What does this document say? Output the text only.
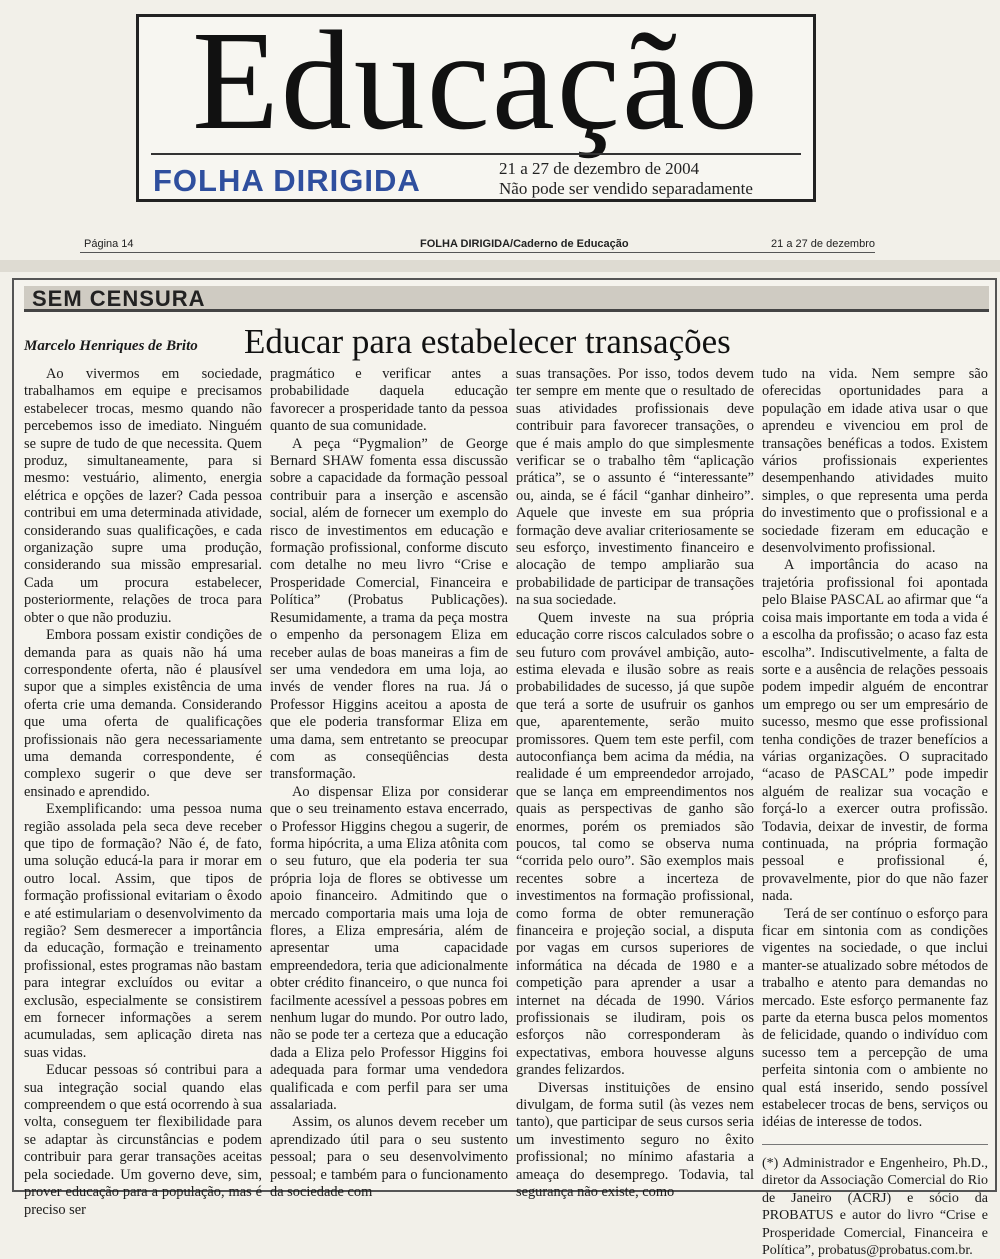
Educação
FOLHA DIRIGIDA	21 a 27 de dezembro de 2004
Não pode ser vendido separadamente
Página 14	FOLHA DIRIGIDA/Caderno de Educação	21 a 27 de dezembro
SEM CENSURA
Educar para estabelecer transações
Marcelo Henriques de Brito

Ao vivermos em sociedade, trabalhamos em equipe e precisamos estabelecer trocas, mesmo quando não percebemos isso de imediato. Ninguém se supre de tudo de que necessita. Quem produz, simultaneamente, para si mesmo: vestuário, alimento, energia elétrica e opções de lazer? Cada pessoa contribui em uma determinada atividade, considerando suas qualificações, e cada organização supre uma produção, considerando sua missão empresarial. Cada um procura estabelecer, posteriormente, relações de troca para obter o que não produziu.

Embora possam existir condições de demanda para as quais não há uma correspondente oferta, não é plausível supor que a simples existência de uma oferta crie uma demanda. Considerando que uma oferta de qualificações profissionais não gera necessariamente uma demanda correspondente, é complexo sugerir o que deve ser ensinado e aprendido.

Exemplificando: uma pessoa numa região assolada pela seca deve receber que tipo de formação? Não é, de fato, uma solução educá-la para ir morar em outro local. Assim, que tipos de formação profissional evitariam o êxodo e até estimulariam o desenvolvimento da região? Sem desmerecer a importância da educação, formação e treinamento profissional, estes programas não bastam para integrar excluídos ou evitar a exclusão, especialmente se consistirem em fornecer informações a serem acumuladas, sem aplicação direta nas suas vidas.

Educar pessoas só contribui para a sua integração social quando elas compreendem o que está ocorrendo à sua volta, conseguem ter flexibilidade para se adaptar às circunstâncias e podem contribuir para gerar transações aceitas pela sociedade. Um governo deve, sim, prover educação para a população, mas é preciso ser

pragmático e verificar antes a probabilidade daquela educação favorecer a prosperidade tanto da pessoa quanto de sua comunidade.

A peça “Pygmalion” de George Bernard SHAW fomenta essa discussão sobre a capacidade da formação pessoal contribuir para a inserção e ascensão social, além de fornecer um exemplo do risco de investimentos em educação e formação profissional, conforme discuto com detalhe no meu livro “Crise e Prosperidade Comercial, Financeira e Política” (Probatus Publicações). Resumidamente, a trama da peça mostra o empenho da personagem Eliza em receber aulas de boas maneiras a fim de ser uma vendedora em uma loja, ao invés de vender flores na rua. Já o Professor Higgins aceitou a aposta de que ele poderia transformar Eliza em uma dama, sem entretanto se preocupar com as conseqüências desta transformação.

Ao dispensar Eliza por considerar que o seu treinamento estava encerrado, o Professor Higgins chegou a sugerir, de forma hipócrita, a uma Eliza atônita com o seu futuro, que ela poderia ter sua própria loja de flores se obtivesse um apoio financeiro. Admitindo que o mercado comportaria mais uma loja de flores, a Eliza empresária, além de apresentar uma capacidade empreendedora, teria que adicionalmente obter crédito financeiro, o que nunca foi facilmente acessível a pessoas pobres em nenhum lugar do mundo. Por outro lado, não se pode ter a certeza que a educação dada a Eliza pelo Professor Higgins foi adequada para formar uma vendedora qualificada e com perfil para ser uma assalariada.

Assim, os alunos devem receber um aprendizado útil para o seu sustento pessoal; para o seu desenvolvimento pessoal; e também para o funcionamento da sociedade com

suas transações. Por isso, todos devem ter sempre em mente que o resultado de suas atividades profissionais deve contribuir para favorecer transações, o que é mais amplo do que simplesmente verificar se o trabalho têm “aplicação prática”, se o assunto é “interessante” ou, ainda, se é fácil “ganhar dinheiro”. Aquele que investe em sua própria formação deve avaliar criteriosamente se seu esforço, investimento financeiro e alocação de tempo ampliarão sua probabilidade de participar de transações na sua sociedade.

Quem investe na sua própria educação corre riscos calculados sobre o seu futuro com provável ambição, auto-estima elevada e ilusão sobre as reais probabilidades de sucesso, já que supõe que terá a sorte de usufruir os ganhos que, aparentemente, serão muito promissores. Quem tem este perfil, com autoconfiança bem acima da média, na realidade é um empreendedor arrojado, que se lança em empreendimentos nos quais as perspectivas de ganho são enormes, porém os premiados são poucos, tal como se observa numa “corrida pelo ouro”. São exemplos mais recentes sobre a incerteza de investimentos na formação profissional, como forma de obter remuneração financeira e projeção social, a disputa por vagas em cursos superiores de informática na década de 1980 e a competição para aprender a usar a internet na década de 1990. Vários profissionais se iludiram, pois os esforços não corresponderam às expectativas, embora houvesse alguns grandes felizardos.

Diversas instituições de ensino divulgam, de forma sutil (às vezes nem tanto), que participar de seus cursos seria um investimento seguro no êxito profissional; no mínimo afastaria a ameaça do desemprego. Todavia, tal segurança não existe, como

tudo na vida. Nem sempre são oferecidas oportunidades para a população em idade ativa usar o que aprendeu e vivenciou em prol de transações benéficas a todos. Existem vários profissionais experientes desempenhando atividades muito simples, o que representa uma perda do investimento que o profissional e a sociedade fizeram em educação e desenvolvimento profissional.

A importância do acaso na trajetória profissional foi apontada pelo Blaise PASCAL ao afirmar que “a coisa mais importante em toda a vida é a escolha da profissão; o acaso faz esta escolha”. Indiscutivelmente, a falta de sorte e a ausência de relações pessoais podem impedir alguém de encontrar um emprego ou ser um empresário de sucesso, mesmo que esse profissional tenha condições de trazer benefícios a várias organizações. O supracitado “acaso de PASCAL” pode impedir alguém de realizar sua vocação e forçá-lo a exercer outra profissão. Todavia, deixar de investir, de forma continuada, na própria formação pessoal e profissional é, provavelmente, pior do que não fazer nada.

Terá de ser contínuo o esforço para ficar em sintonia com as condições vigentes na sociedade, o que inclui manter-se atualizado sobre métodos de trabalho e atento para demandas no mercado. Este esforço permanente faz parte da eterna busca pelos momentos de felicidade, quando o indivíduo com sucesso tem a percepção de uma perfeita sintonia com o ambiente no qual está inserido, sendo possível estabelecer trocas de bens, serviços ou idéias de interesse de todos.

(*) Administrador e Engenheiro, Ph.D., diretor da Associação Comercial do Rio de Janeiro (ACRJ) e sócio da PROBATUS e autor do livro “Crise e Prosperidade Comercial, Financeira e Política”, probatus@probatus.com.br.
